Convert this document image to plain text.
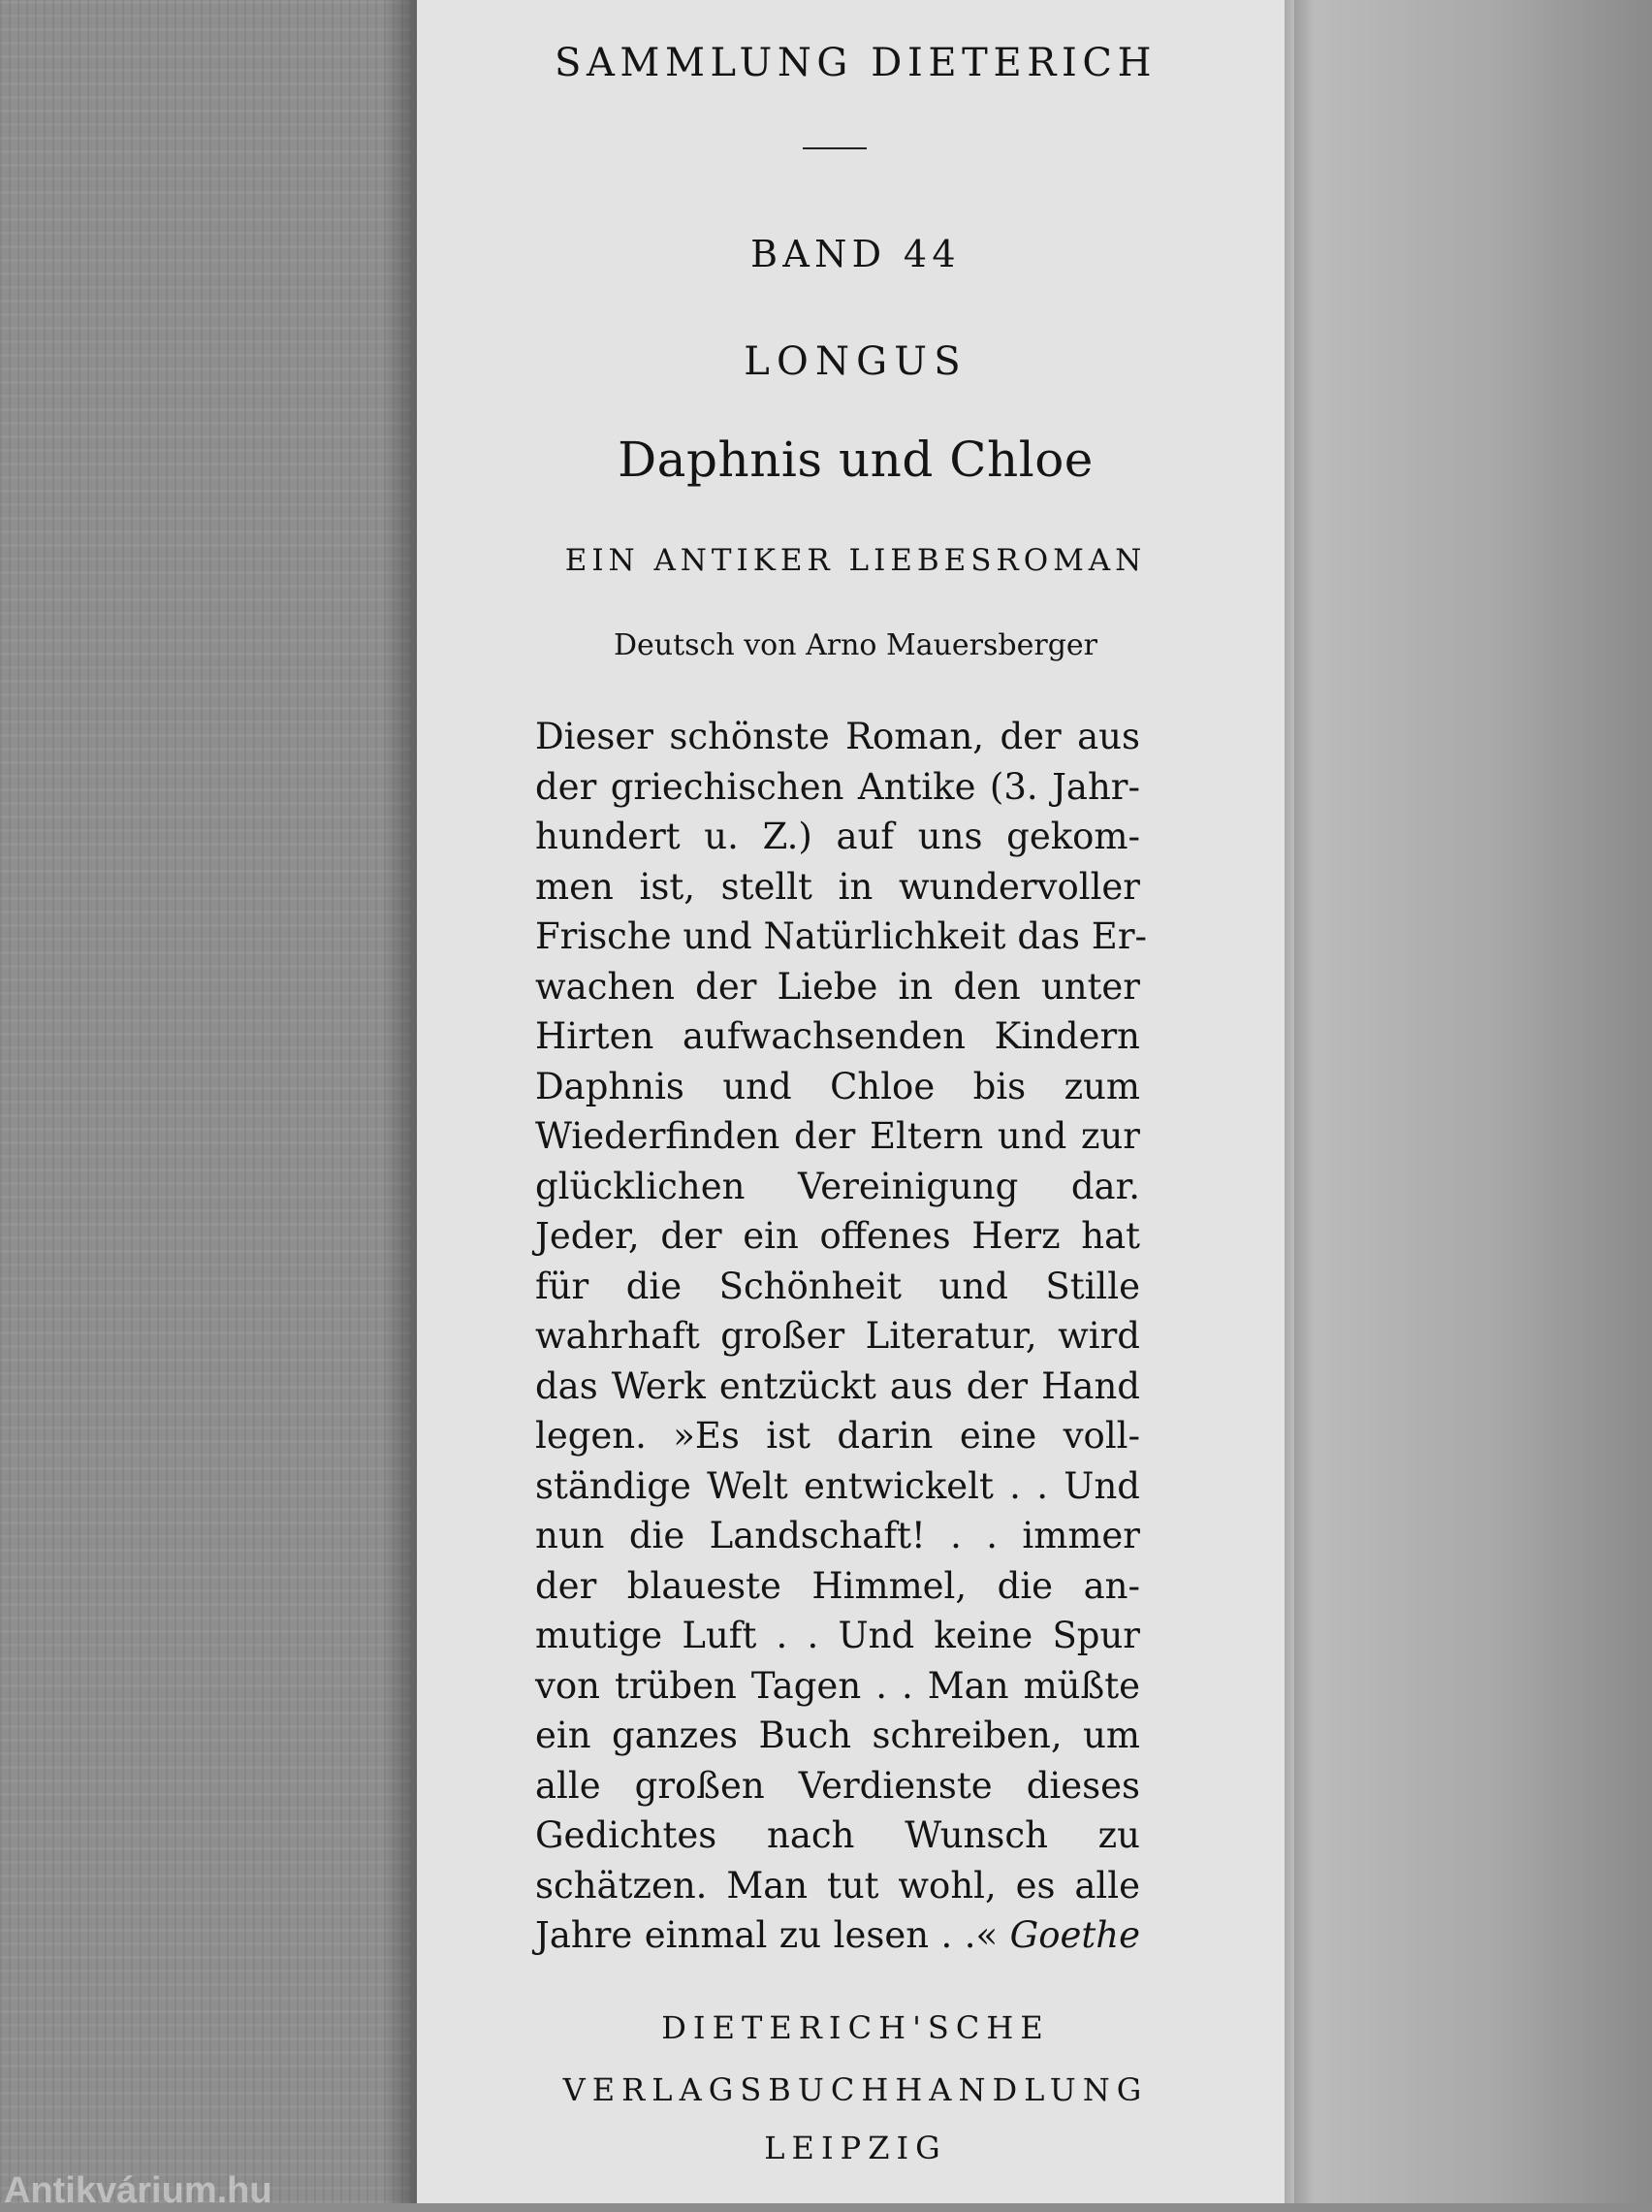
SAMMLUNG DIETERICH
BAND 44
LONGUS
Daphnis und Chloe
EIN ANTIKER LIEBESROMAN
Deutsch von Arno Mauersberger
Dieser schönste Roman, der aus
der griechischen Antike (3. Jahr-
hundert u. Z.) auf uns gekom-
men ist, stellt in wundervoller
Frische und Natürlichkeit das Er-
wachen der Liebe in den unter
Hirten aufwachsenden Kindern
Daphnis und Chloe bis zum
Wiederfinden der Eltern und zur
glücklichen Vereinigung dar.
Jeder, der ein offenes Herz hat
für die Schönheit und Stille
wahrhaft großer Literatur, wird
das Werk entzückt aus der Hand
legen. »Es ist darin eine voll-
ständige Welt entwickelt . . Und
nun die Landschaft! . . immer
der blaueste Himmel, die an-
mutige Luft . . Und keine Spur
von trüben Tagen . . Man müßte
ein ganzes Buch schreiben, um
alle großen Verdienste dieses
Gedichtes nach Wunsch zu
schätzen. Man tut wohl, es alle
Jahre einmal zu lesen . .« Goethe
DIETERICH'SCHE
VERLAGSBUCHHANDLUNG
LEIPZIG
Antikvárium.hu
